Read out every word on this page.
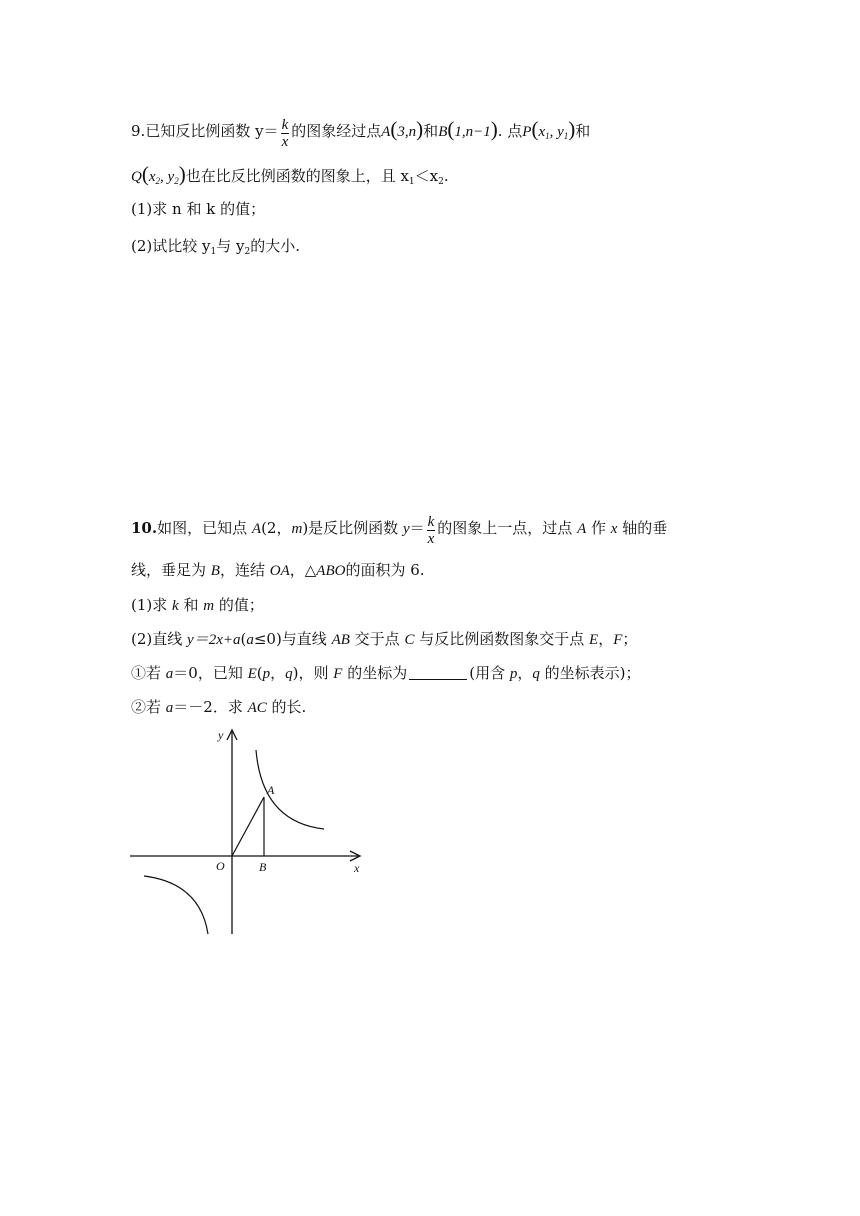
9.已知反比例函数 $y= \frac{k}{x}$ 的图象经过点A(3,n)和B(1,n−1). 点$P(x_1$, $y_1$)和
$Q(x_2$, $y_2$)也在比反比例函数的图象上，且 $x_1<x_2$.
(1)求 n 和 k 的值；
(2)试比较 $y_1$与 $y_2$的大小.
10.如图，已知点 A(2，m)是反比例函数 $y= \frac{k}{x}$ 的图象上一点，过点 A 作 x 轴的垂
线，垂足为 B，连结 OA，△ABO的面积为 6.
(1)求 k 和 m 的值；
(2)直线 y＝2x+a(a≤0)与直线 AB 交于点 C 与反比例函数图象交于点 E，F；
①若 a＝0，已知 E(p，q)，则 F 的坐标为	(用含 p，q 的坐标表示)；
②若 a＝－2．求 AC 的长.
y
x
O
A
B
